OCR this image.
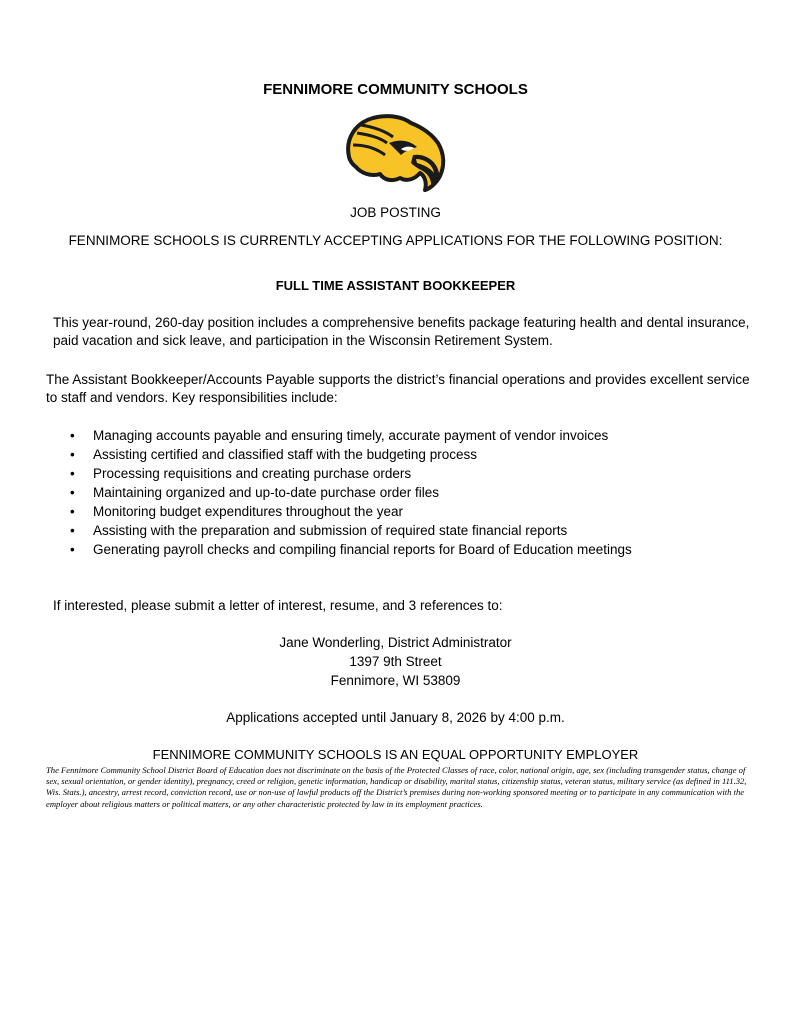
FENNIMORE COMMUNITY SCHOOLS
JOB POSTING
FENNIMORE SCHOOLS IS CURRENTLY ACCEPTING APPLICATIONS FOR THE FOLLOWING POSITION:
FULL TIME ASSISTANT BOOKKEEPER
This year-round, 260-day position includes a comprehensive benefits package featuring health and dental insurance, paid vacation and sick leave, and participation in the Wisconsin Retirement System.
The Assistant Bookkeeper/Accounts Payable supports the district’s financial operations and provides excellent service to staff and vendors. Key responsibilities include:
• Managing accounts payable and ensuring timely, accurate payment of vendor invoices
• Assisting certified and classified staff with the budgeting process
• Processing requisitions and creating purchase orders
• Maintaining organized and up-to-date purchase order files
• Monitoring budget expenditures throughout the year
• Assisting with the preparation and submission of required state financial reports
• Generating payroll checks and compiling financial reports for Board of Education meetings
If interested, please submit a letter of interest, resume, and 3 references to:
Jane Wonderling, District Administrator
1397 9th Street
Fennimore, WI 53809
Applications accepted until January 8, 2026 by 4:00 p.m.
FENNIMORE COMMUNITY SCHOOLS IS AN EQUAL OPPORTUNITY EMPLOYER
The Fennimore Community School District Board of Education does not discriminate on the basis of the Protected Classes of race, color, national origin, age, sex (including transgender status, change of sex, sexual orientation, or gender identity), pregnancy, creed or religion, genetic information, handicap or disability, marital status, citizenship status, veteran status, military service (as defined in 111.32, Wis. Stats.), ancestry, arrest record, conviction record, use or non-use of lawful products off the District’s premises during non-working sponsored meeting or to participate in any communication with the employer about religious matters or political matters, or any other characteristic protected by law in its employment practices.
